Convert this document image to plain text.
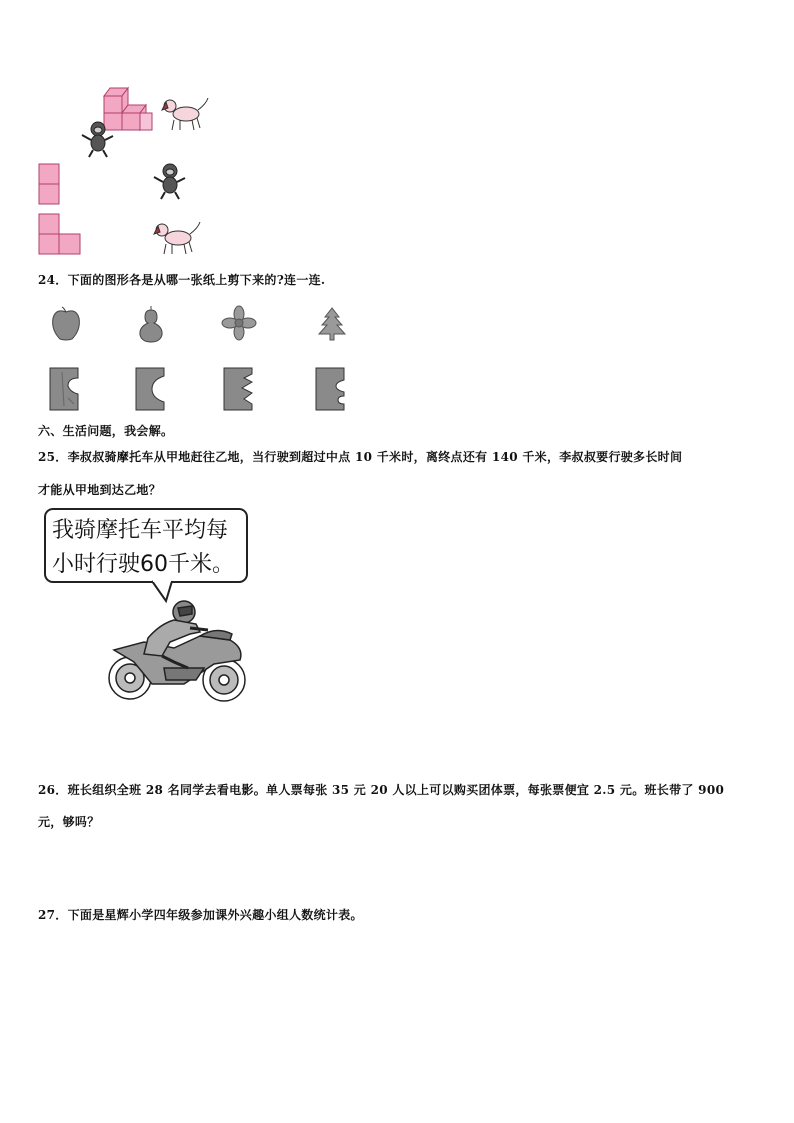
24．下面的图形各是从哪一张纸上剪下来的?连一连.
六、生活问题，我会解。
25．李叔叔骑摩托车从甲地赶往乙地，当行驶到超过中点 10 千米时，离终点还有 140 千米，李叔叔要行驶多长时间
才能从甲地到达乙地？
我骑摩托车平均每
小时行驶60千米。
26．班长组织全班 28 名同学去看电影。单人票每张 35 元 20 人以上可以购买团体票，每张票便宜 2.5 元。班长带了 900
元，够吗？
27．下面是星辉小学四年级参加课外兴趣小组人数统计表。
